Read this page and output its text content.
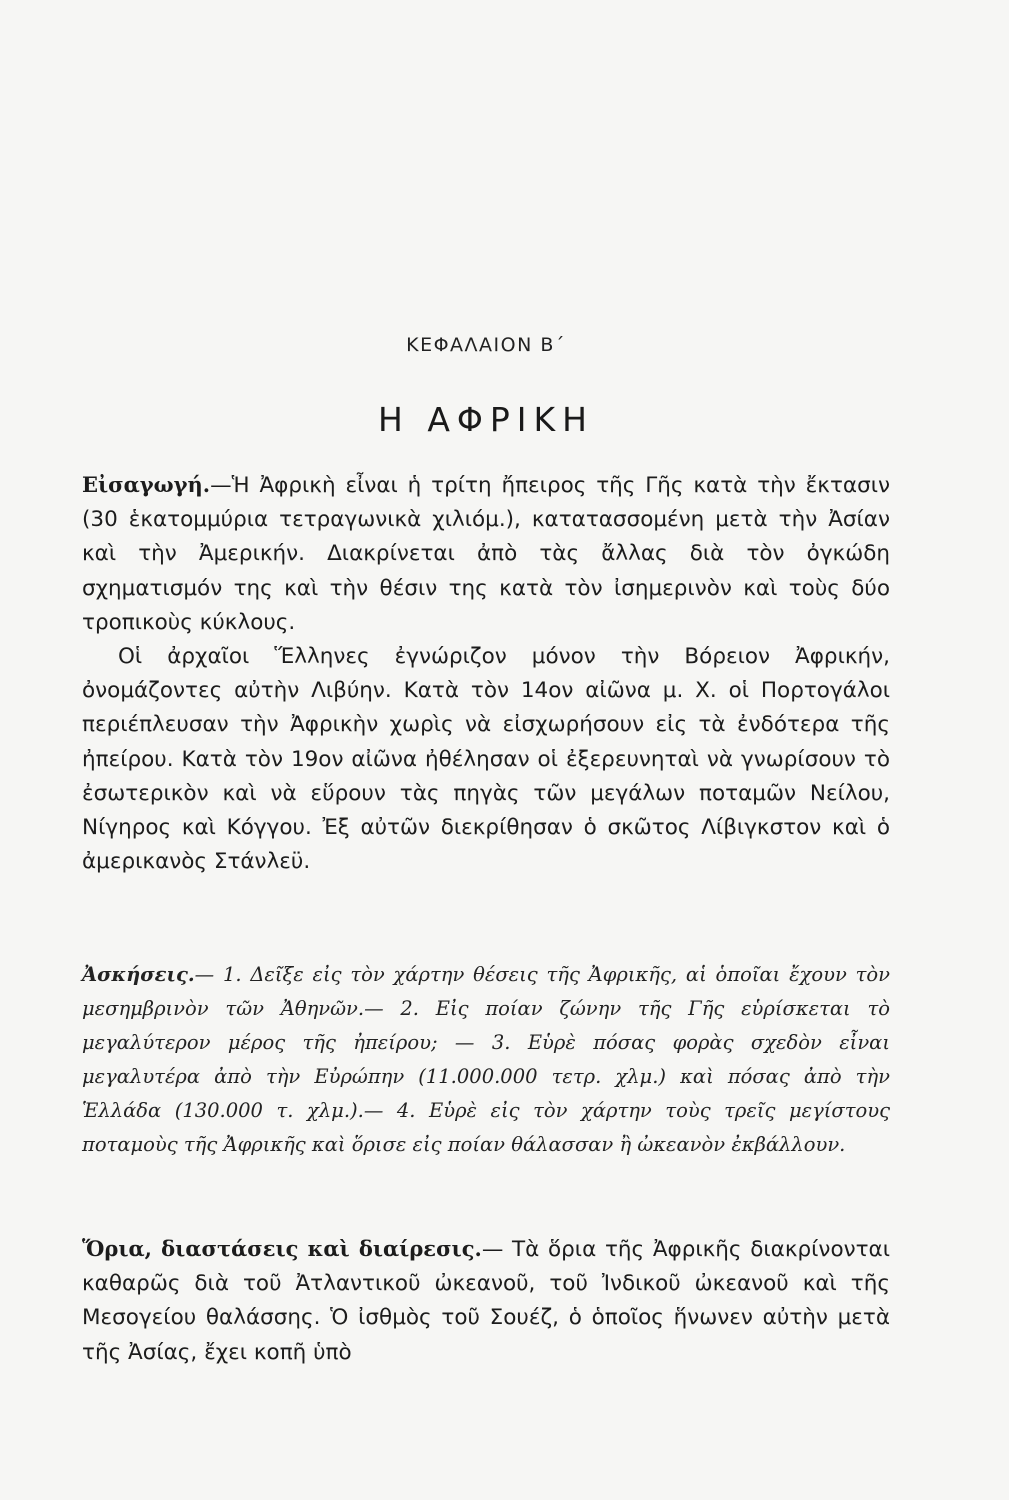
ΚΕΦΑΛΑΙΟΝ Β΄
Η ΑΦΡΙΚΗ

Εἰσαγωγή.—Ἡ Ἀφρικὴ εἶναι ἡ τρίτη ἤπειρος τῆς Γῆς κατὰ τὴν ἔκτασιν (30 ἑκατομμύρια τετραγωνικὰ χιλιόμ.), κατατασσομένη μετὰ τὴν Ἀσίαν καὶ τὴν Ἀμερικήν. Διακρίνεται ἀπὸ τὰς ἄλλας διὰ τὸν ὀγκώδη σχηματισμόν της καὶ τὴν θέσιν της κατὰ τὸν ἰσημερινὸν καὶ τοὺς δύο τροπικοὺς κύκλους.

Οἱ ἀρχαῖοι Ἕλληνες ἐγνώριζον μόνον τὴν Βόρειον Ἀφρικήν, ὀνομάζοντες αὐτὴν Λιβύην. Κατὰ τὸν 14ον αἰῶνα μ. Χ. οἱ Πορτογάλοι περιέπλευσαν τὴν Ἀφρικὴν χωρὶς νὰ εἰσχωρήσουν εἰς τὰ ἐνδότερα τῆς ἠπείρου. Κατὰ τὸν 19ον αἰῶνα ἠθέλησαν οἱ ἐξερευνηταὶ νὰ γνωρίσουν τὸ ἐσωτερικὸν καὶ νὰ εὕρουν τὰς πηγὰς τῶν μεγάλων ποταμῶν Νείλου, Νίγηρος καὶ Κόγγου. Ἐξ αὐτῶν διεκρίθησαν ὁ σκῶτος Λίβιγκστον καὶ ὁ ἀμερικανὸς Στάνλεϋ.

Ἀσκήσεις.— 1. Δεῖξε εἰς τὸν χάρτην θέσεις τῆς Ἀφρικῆς, αἱ ὁποῖαι ἔχουν τὸν μεσημβρινὸν τῶν Ἀθηνῶν.— 2. Εἰς ποίαν ζώνην τῆς Γῆς εὑρίσκεται τὸ μεγαλύτερον μέρος τῆς ἠπείρου; — 3. Εὑρὲ πόσας φορὰς σχεδὸν εἶναι μεγαλυτέρα ἀπὸ τὴν Εὐρώπην (11.000.000 τετρ. χλμ.) καὶ πόσας ἀπὸ τὴν Ἑλλάδα (130.000 τ. χλμ.).— 4. Εὑρὲ εἰς τὸν χάρτην τοὺς τρεῖς μεγίστους ποταμοὺς τῆς Ἀφρικῆς καὶ ὅρισε εἰς ποίαν θάλασσαν ἢ ὠκεανὸν ἐκβάλλουν.
Ὅρια, διαστάσεις καὶ διαίρεσις.— Τὰ ὅρια τῆς Ἀφρικῆς διακρίνονται καθαρῶς διὰ τοῦ Ἀτλαντικοῦ ὠκεανοῦ, τοῦ Ἰνδικοῦ ὠκεανοῦ καὶ τῆς Μεσογείου θαλάσσης. Ὁ ἰσθμὸς τοῦ Σουέζ, ὁ ὁποῖος ἥνωνεν αὐτὴν μετὰ τῆς Ἀσίας, ἔχει κοπῆ ὑπὸ
